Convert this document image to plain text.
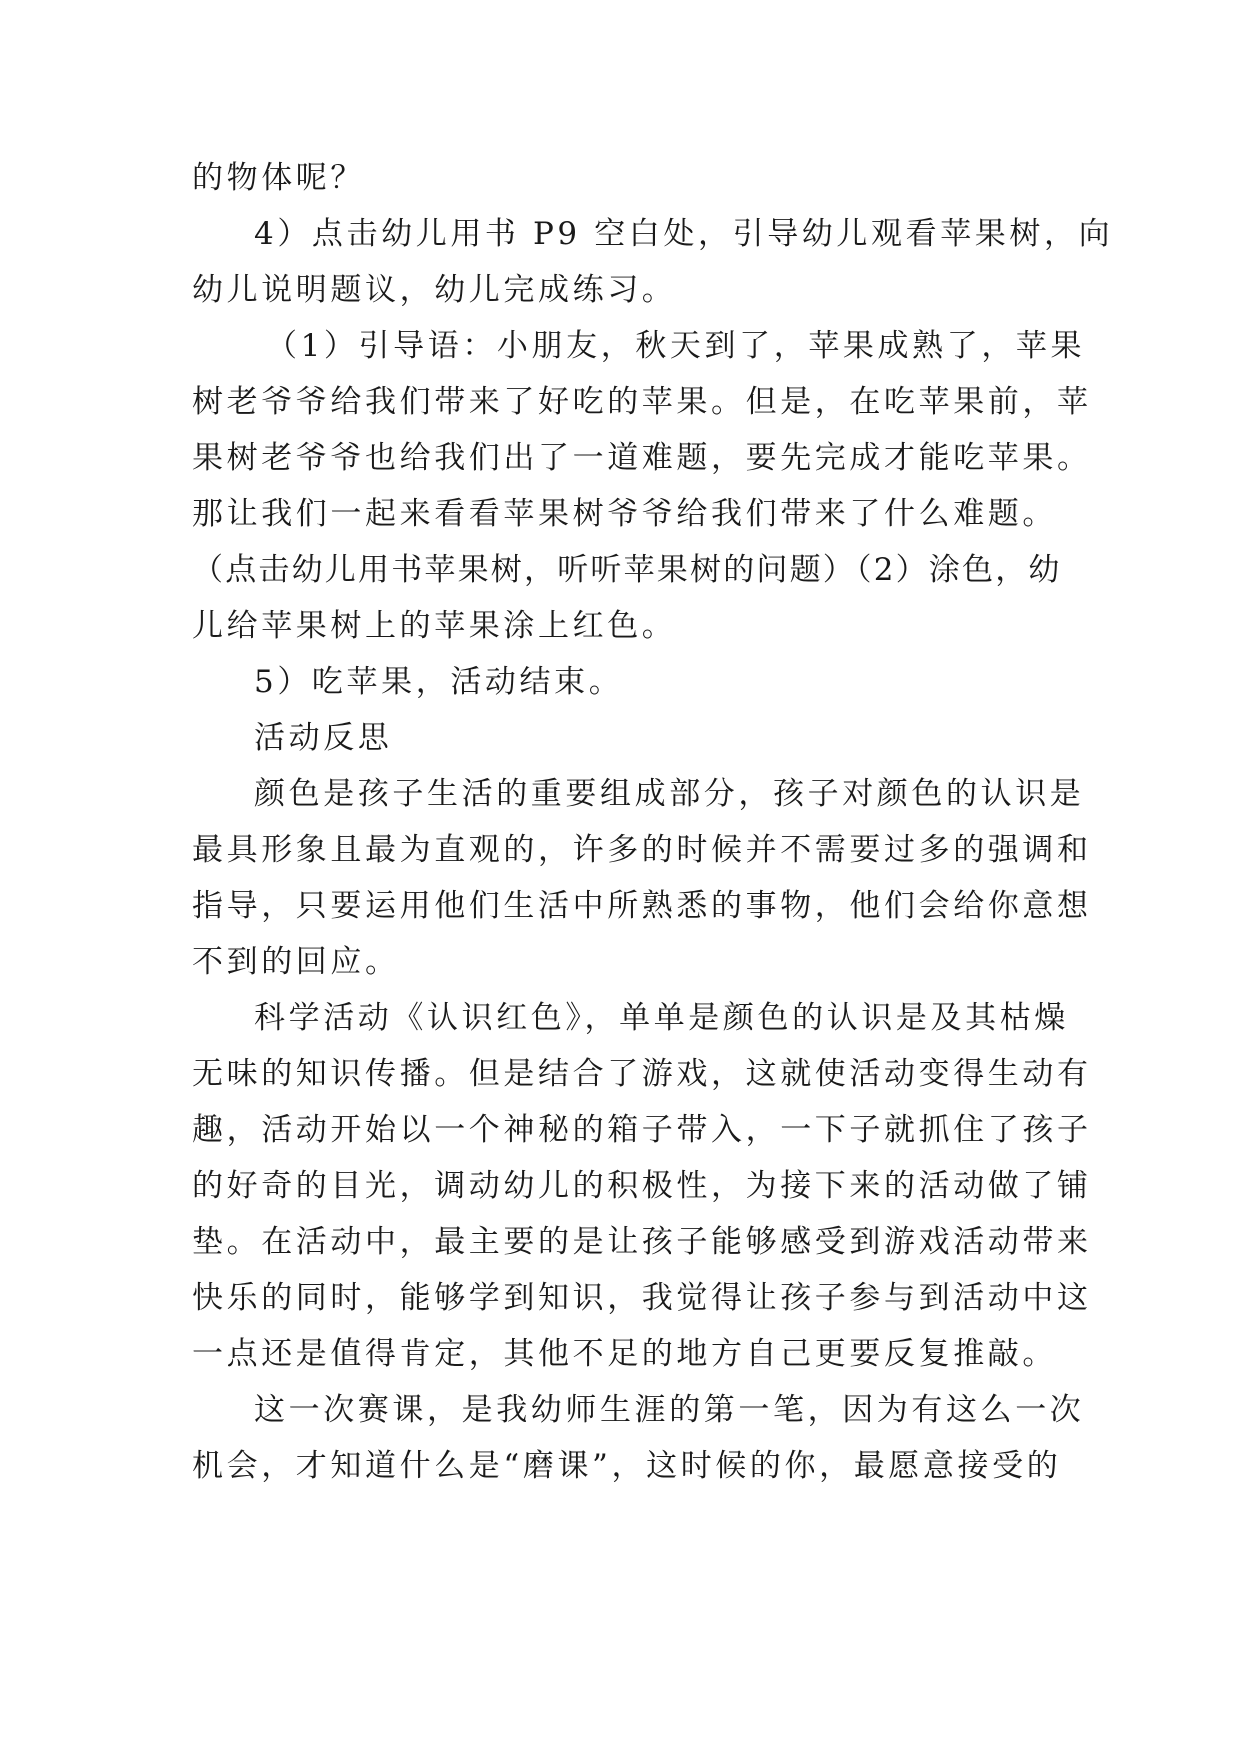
的物体呢？
4）点击幼儿用书 P9 空白处，引导幼儿观看苹果树，向
幼儿说明题议，幼儿完成练习。
（1）引导语：小朋友，秋天到了，苹果成熟了，苹果
树老爷爷给我们带来了好吃的苹果。但是，在吃苹果前，苹
果树老爷爷也给我们出了一道难题，要先完成才能吃苹果。
那让我们一起来看看苹果树爷爷给我们带来了什么难题。
（点击幼儿用书苹果树，听听苹果树的问题）（2）涂色，幼
儿给苹果树上的苹果涂上红色。
5）吃苹果，活动结束。
活动反思
颜色是孩子生活的重要组成部分，孩子对颜色的认识是
最具形象且最为直观的，许多的时候并不需要过多的强调和
指导，只要运用他们生活中所熟悉的事物，他们会给你意想
不到的回应。
科学活动《认识红色》，单单是颜色的认识是及其枯燥
无味的知识传播。但是结合了游戏，这就使活动变得生动有
趣，活动开始以一个神秘的箱子带入，一下子就抓住了孩子
的好奇的目光，调动幼儿的积极性，为接下来的活动做了铺
垫。在活动中，最主要的是让孩子能够感受到游戏活动带来
快乐的同时，能够学到知识，我觉得让孩子参与到活动中这
一点还是值得肯定，其他不足的地方自己更要反复推敲。
这一次赛课，是我幼师生涯的第一笔，因为有这么一次
机会，才知道什么是“磨课”，这时候的你，最愿意接受的
